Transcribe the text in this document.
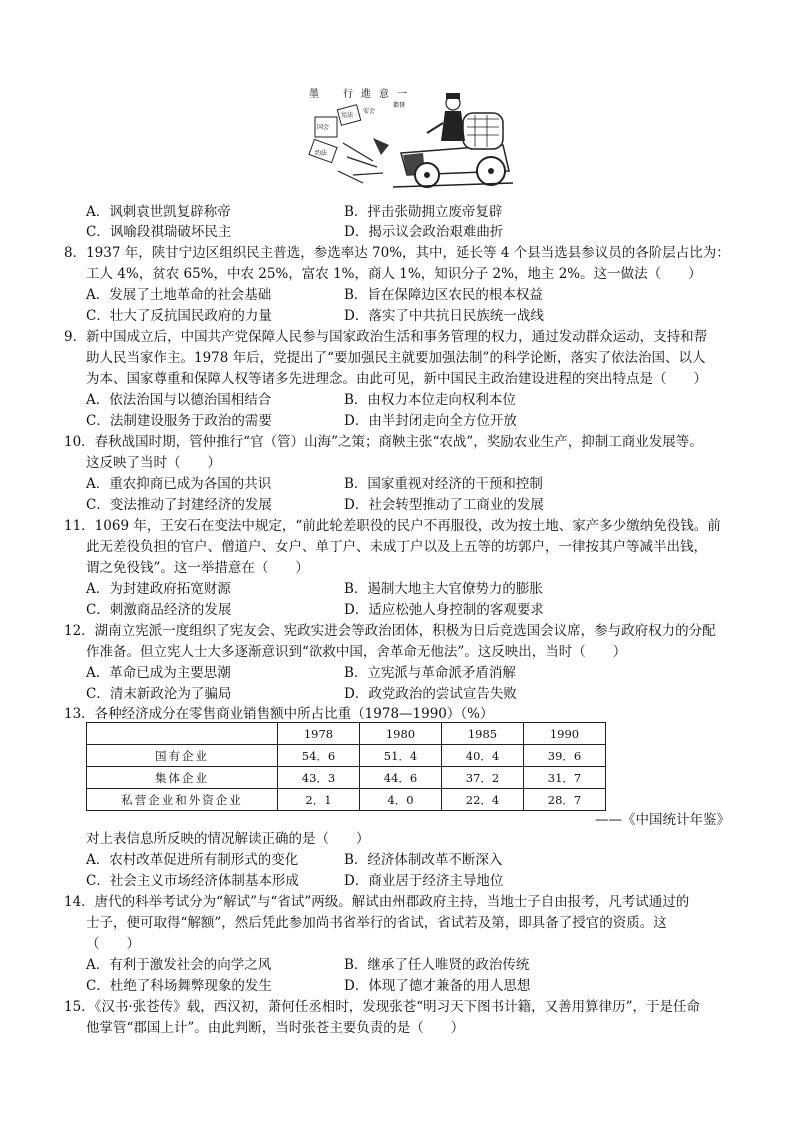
墨 行進意一
国会
宪法
约法
安会
都督
A．讽刺袁世凯复辟称帝	B．抨击张勋拥立废帝复辟
C．讽喻段祺瑞破坏民主	D．揭示议会政治艰难曲折
8．1937 年，陕甘宁边区组织民主普选，参选率达 70%，其中，延长等 4 个县当选县参议员的各阶层占比为：
工人 4%，贫农 65%，中农 25%，富农 1%，商人 1%，知识分子 2%，地主 2%。这一做法（　　）
A．发展了土地革命的社会基础	B．旨在保障边区农民的根本权益
C．壮大了反抗国民政府的力量	D．落实了中共抗日民族统一战线
9．新中国成立后，中国共产党保障人民参与国家政治生活和事务管理的权力，通过发动群众运动，支持和帮
助人民当家作主。1978 年后，党提出了“要加强民主就要加强法制”的科学论断，落实了依法治国、以人
为本、国家尊重和保障人权等诸多先进理念。由此可见，新中国民主政治建设进程的突出特点是（　　）
A．依法治国与以德治国相结合	B．由权力本位走向权利本位
C．法制建设服务于政治的需要	D．由半封闭走向全方位开放
10．春秋战国时期，管仲推行“官（管）山海”之策；商鞅主张“农战”，奖励农业生产，抑制工商业发展等。
这反映了当时（　　）
A．重农抑商已成为各国的共识	B．国家重视对经济的干预和控制
C．变法推动了封建经济的发展	D．社会转型推动了工商业的发展
11．1069 年，王安石在变法中规定，“前此轮差职役的民户不再服役，改为按土地、家产多少缴纳免役钱。前
此无差役负担的官户、僧道户、女户、单丁户、未成丁户以及上五等的坊郭户，一律按其户等减半出钱，
谓之免役钱”。这一举措意在（　　）
A．为封建政府拓宽财源	B．遏制大地主大官僚势力的膨胀
C．刺激商品经济的发展	D．适应松弛人身控制的客观要求
12．湖南立宪派一度组织了宪友会、宪政实进会等政治团体，积极为日后竞选国会议席，参与政府权力的分配
作准备。但立宪人士大多逐渐意识到“欲救中国，舍革命无他法”。这反映出，当时（　　）
A．革命已成为主要思潮	B．立宪派与革命派矛盾消解
C．清末新政沦为了骗局	D．政党政治的尝试宣告失败
13．各种经济成分在零售商业销售额中所占比重（1978—1990）（%）
	1978	1980	1985	1990
国有企业	54．6	51．4	40．4	39．6
集体企业	43．3	44．6	37．2	31．7
私营企业和外资企业	2．1	4．0	22．4	28．7
——《中国统计年鉴》
对上表信息所反映的情况解读正确的是（　　）
A．农村改革促进所有制形式的变化	B．经济体制改革不断深入
C．社会主义市场经济体制基本形成	D．商业居于经济主导地位
14．唐代的科举考试分为“解试”与“省试”两级。解试由州郡政府主持，当地士子自由报考，凡考试通过的
士子，便可取得“解额”，然后凭此参加尚书省举行的省试，省试若及第，即具备了授官的资质。这
（　　）
A．有利于激发社会的向学之风	B．继承了任人唯贤的政治传统
C．杜绝了科场舞弊现象的发生	D．体现了德才兼备的用人思想
15．《汉书·张苍传》载，西汉初，萧何任丞相时，发现张苍“明习天下图书计籍，又善用算律历”，于是任命
他掌管“郡国上计”。由此判断，当时张苍主要负责的是（　　）
